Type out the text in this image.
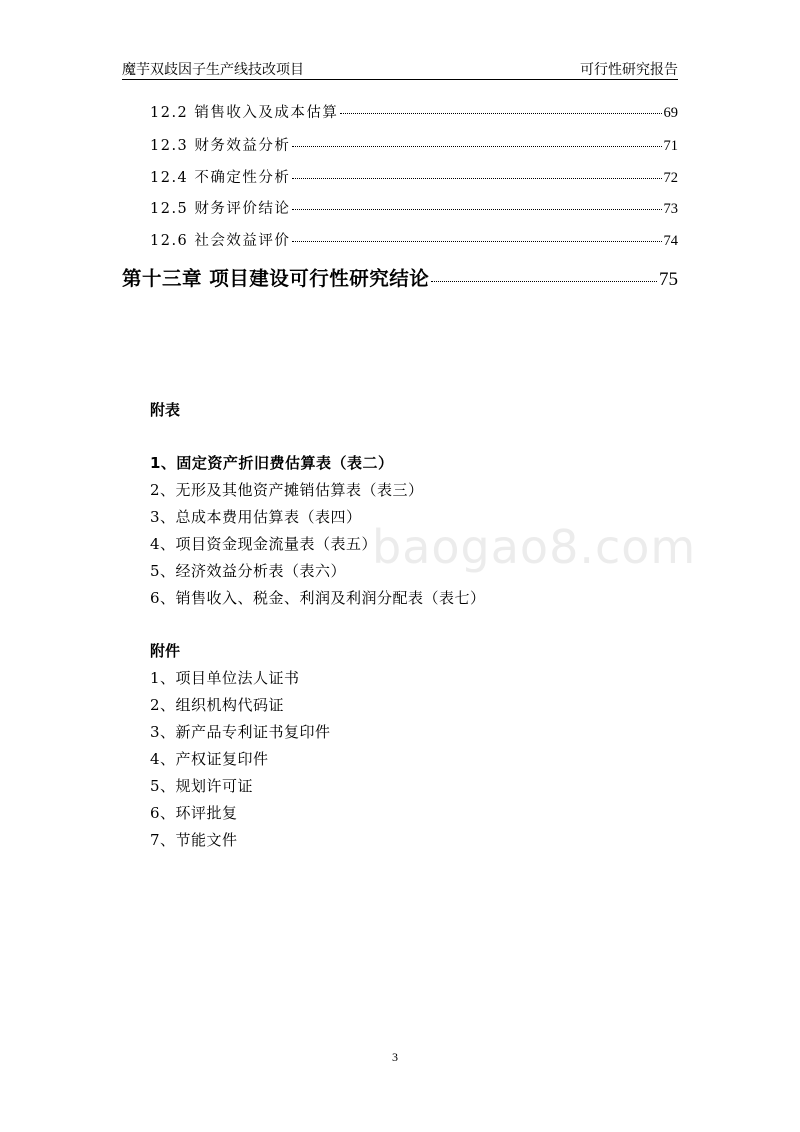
魔芋双歧因子生产线技改项目	可行性研究报告
12.2 销售收入及成本估算	69
12.3 财务效益分析	71
12.4 不确定性分析	72
12.5 财务评价结论	73
12.6 社会效益评价	74
第十三章 项目建设可行性研究结论	75
附表
1、固定资产折旧费估算表（表二）
2、无形及其他资产摊销估算表（表三）
3、总成本费用估算表（表四）
4、项目资金现金流量表（表五）
5、经济效益分析表（表六）
6、销售收入、税金、利润及利润分配表（表七）
附件
1、项目单位法人证书
2、组织机构代码证
3、新产品专利证书复印件
4、产权证复印件
5、规划许可证
6、环评批复
7、节能文件
baogao8.com
3
